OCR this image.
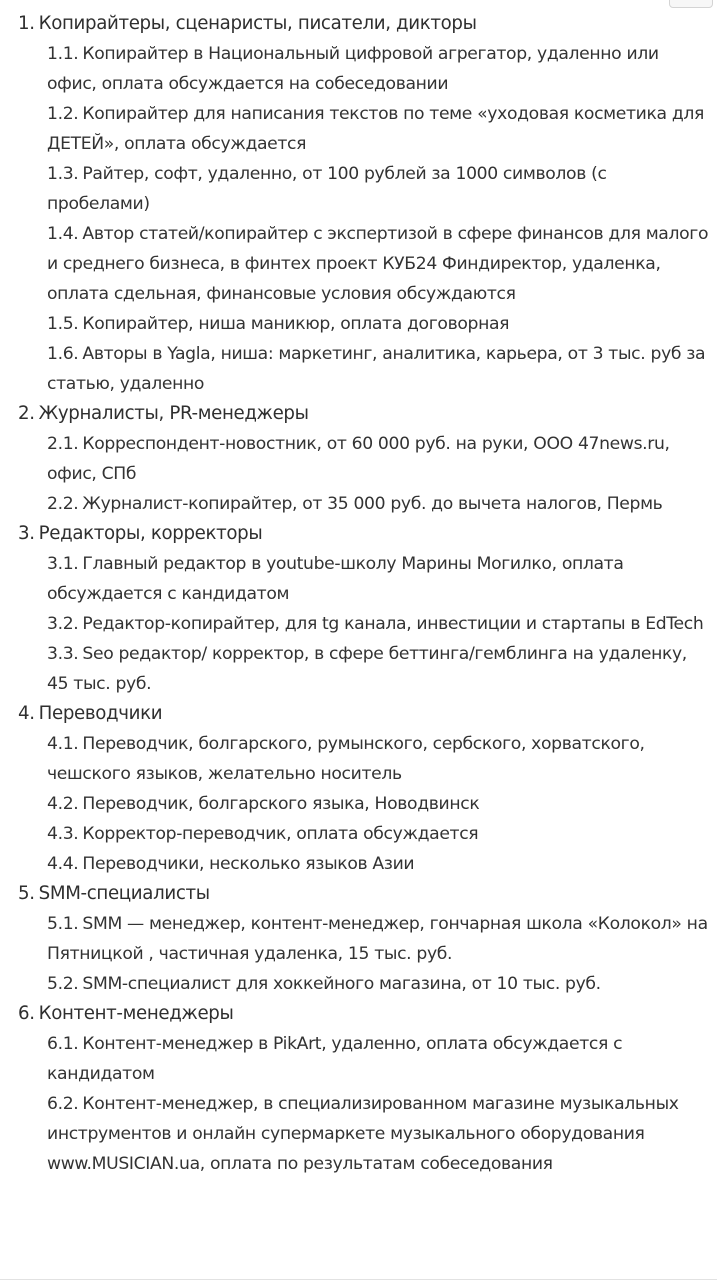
1. Копирайтеры, сценаристы, писатели, дикторы
1.1. Копирайтер в Национальный цифровой агрегатор, удаленно или офис, оплата обсуждается на собеседовании
1.2. Копирайтер для написания текстов по теме «уходовая косметика для ДЕТЕЙ», оплата обсуждается
1.3. Райтер, софт, удаленно, от 100 рублей за 1000 символов (с пробелами)
1.4. Автор статей/копирайтер с экспертизой в сфере финансов для малого и среднего бизнеса, в финтех проект КУБ24 Финдиректор, удаленка, оплата сдельная, финансовые условия обсуждаются
1.5. Копирайтер, ниша маникюр, оплата договорная
1.6. Авторы в Yagla, ниша: маркетинг, аналитика, карьера, от 3 тыс. руб за статью, удаленно
2. Журналисты, PR-менеджеры
2.1. Корреспондент-новостник, от 60 000 руб. на руки, ООО 47news.ru, офис, СПб
2.2. Журналист-копирайтер, от 35 000 руб. до вычета налогов, Пермь
3. Редакторы, корректоры
3.1. Главный редактор в youtube-школу Марины Могилко, оплата обсуждается с кандидатом
3.2. Редактор-копирайтер, для tg канала, инвестиции и стартапы в EdTech
3.3. Seo редактор/ корректор, в сфере беттинга/гемблинга на удаленку, 45 тыс. руб.
4. Переводчики
4.1. Переводчик, болгарского, румынского, сербского, хорватского, чешского языков, желательно носитель
4.2. Переводчик, болгарского языка, Новодвинск
4.3. Корректор-переводчик, оплата обсуждается
4.4. Переводчики, несколько языков Азии
5. SMM-специалисты
5.1. SMM — менеджер, контент-менеджер, гончарная школа «Колокол» на Пятницкой , частичная удаленка, 15 тыс. руб.
5.2. SMM-специалист для хоккейного магазина, от 10 тыс. руб.
6. Контент-менеджеры
6.1. Контент-менеджер в PikArt, удаленно, оплата обсуждается с кандидатом
6.2. Контент-менеджер, в специализированном магазине музыкальных инструментов и онлайн супермаркете музыкального оборудования www.MUSICIAN.ua, оплата по результатам собеседования
